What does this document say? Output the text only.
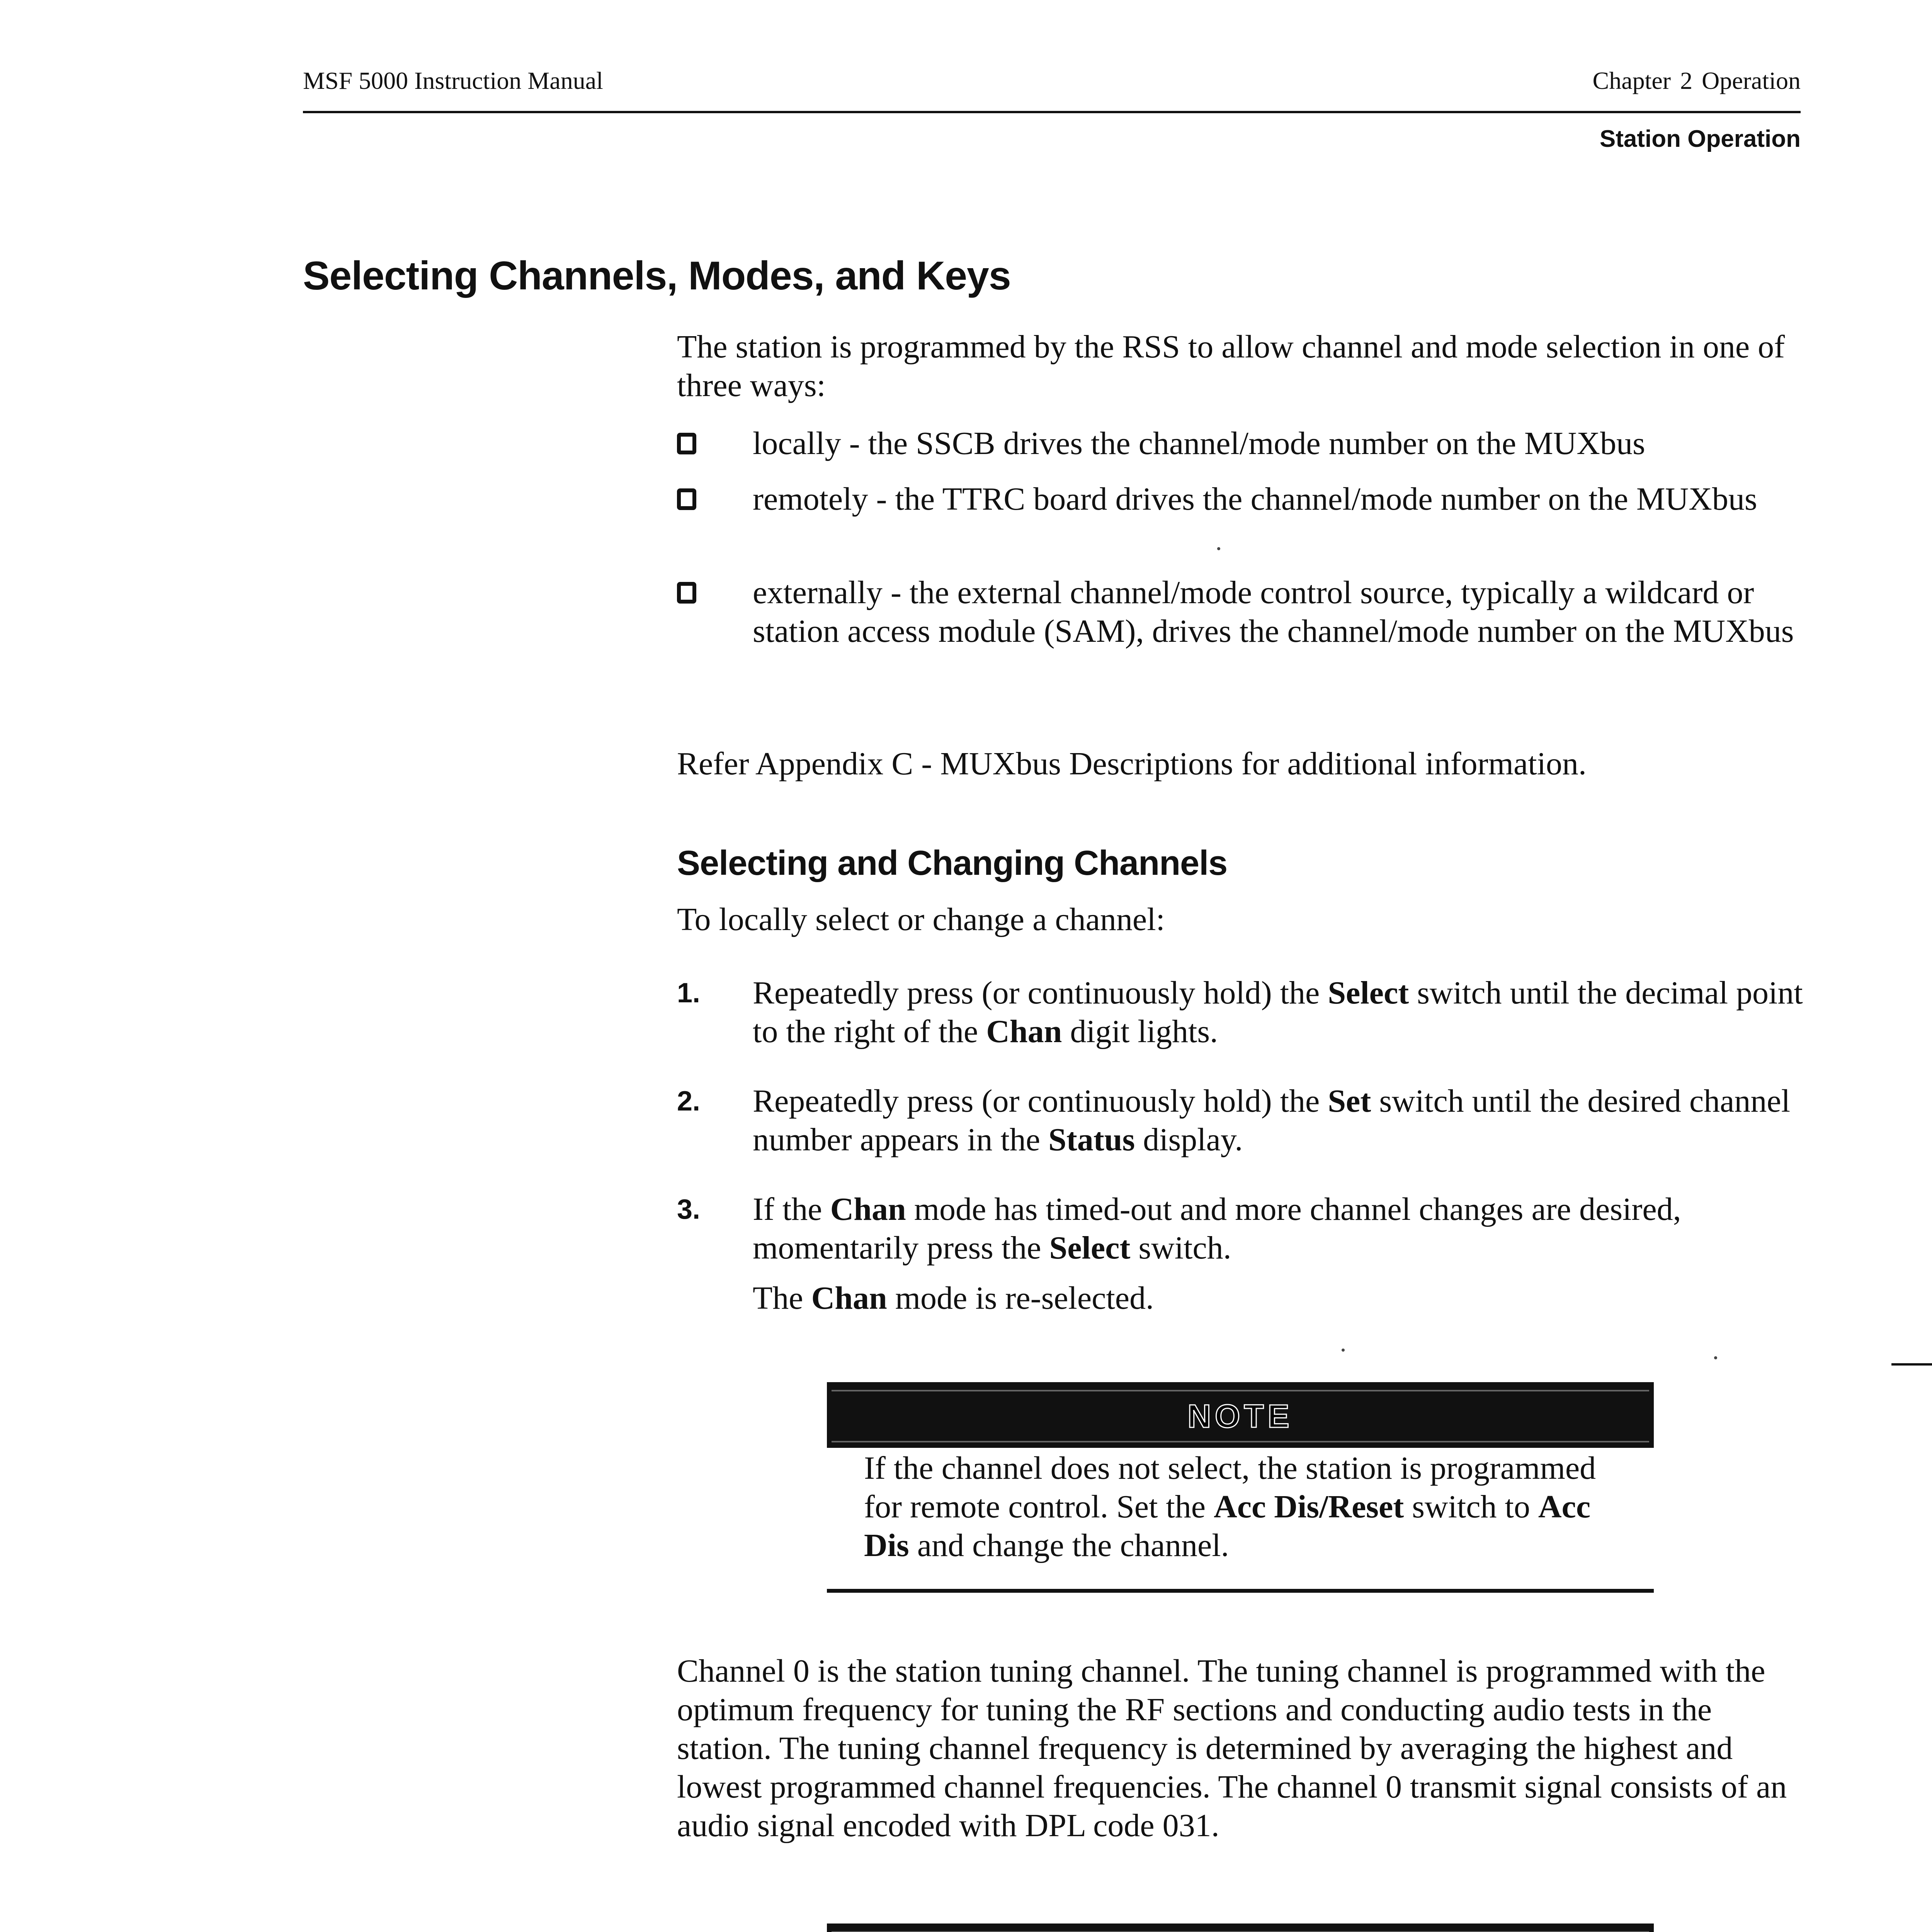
MSF 5000 Instruction Manual	Chapter 2 Operation
Station Operation
Selecting Channels, Modes, and Keys

The station is programmed by the RSS to allow channel and mode selection in one of three ways:

locally - the SSCB drives the channel/mode number on the MUXbus
remotely - the TTRC board drives the channel/mode number on the MUXbus
externally - the external channel/mode control source, typically a wildcard or station access module (SAM), drives the channel/mode number on the MUXbus

Refer Appendix C - MUXbus Descriptions for additional information.

Selecting and Changing Channels

To locally select or change a channel:

1. Repeatedly press (or continuously hold) the Select switch until the decimal point to the right of the Chan digit lights.
2. Repeatedly press (or continuously hold) the Set switch until the desired channel number appears in the Status display.
3. If the Chan mode has timed-out and more channel changes are desired, momentarily press the Select switch.
The Chan mode is re-selected.
NOTE
If the channel does not select, the station is programmed for remote control. Set the Acc Dis/Reset switch to Acc Dis and change the channel.

Channel 0 is the station tuning channel. The tuning channel is programmed with the optimum frequency for tuning the RF sections and conducting audio tests in the station. The tuning channel frequency is determined by averaging the highest and lowest programmed channel frequencies. The channel 0 transmit signal consists of an audio signal encoded with DPL code 031.
